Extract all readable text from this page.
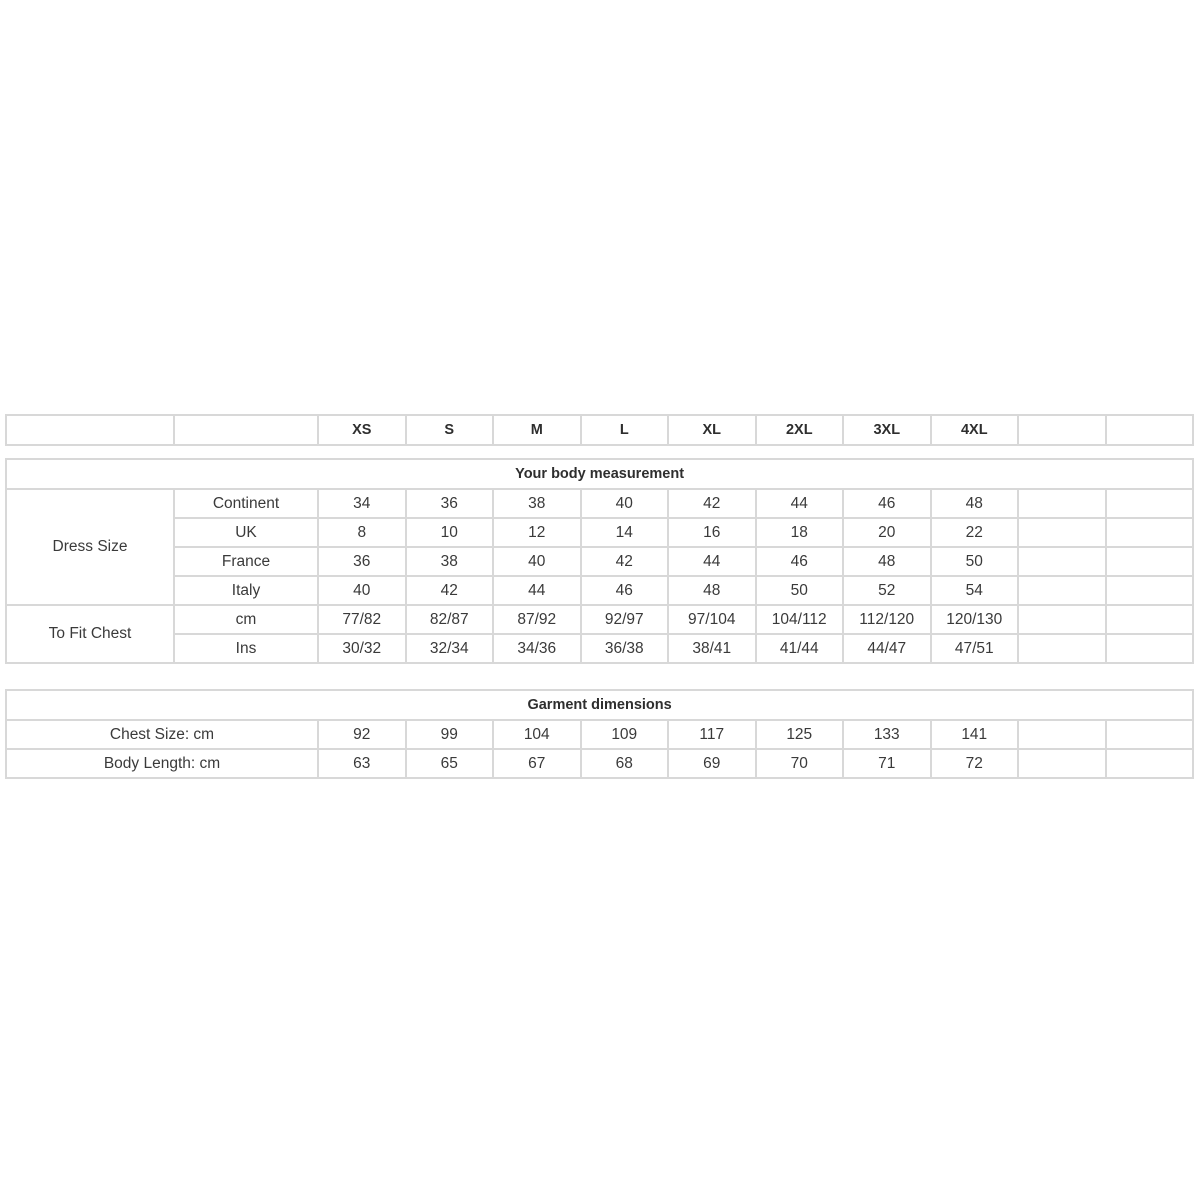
		XS	S	M	L	XL	2XL	3XL	4XL		
Your body measurement											
Dress Size	Continent	34	36	38	40	42	44	46	48		
	UK	8	10	12	14	16	18	20	22		
	France	36	38	40	42	44	46	48	50		
	Italy	40	42	44	46	48	50	52	54		
To Fit Chest	cm	77/82	82/87	87/92	92/97	97/104	104/112	112/120	120/130		
	Ins	30/32	32/34	34/36	36/38	38/41	41/44	44/47	47/51		
Garment dimensions										
Chest Size: cm	92	99	104	109	117	125	133	141		
Body Length: cm	63	65	67	68	69	70	71	72		
